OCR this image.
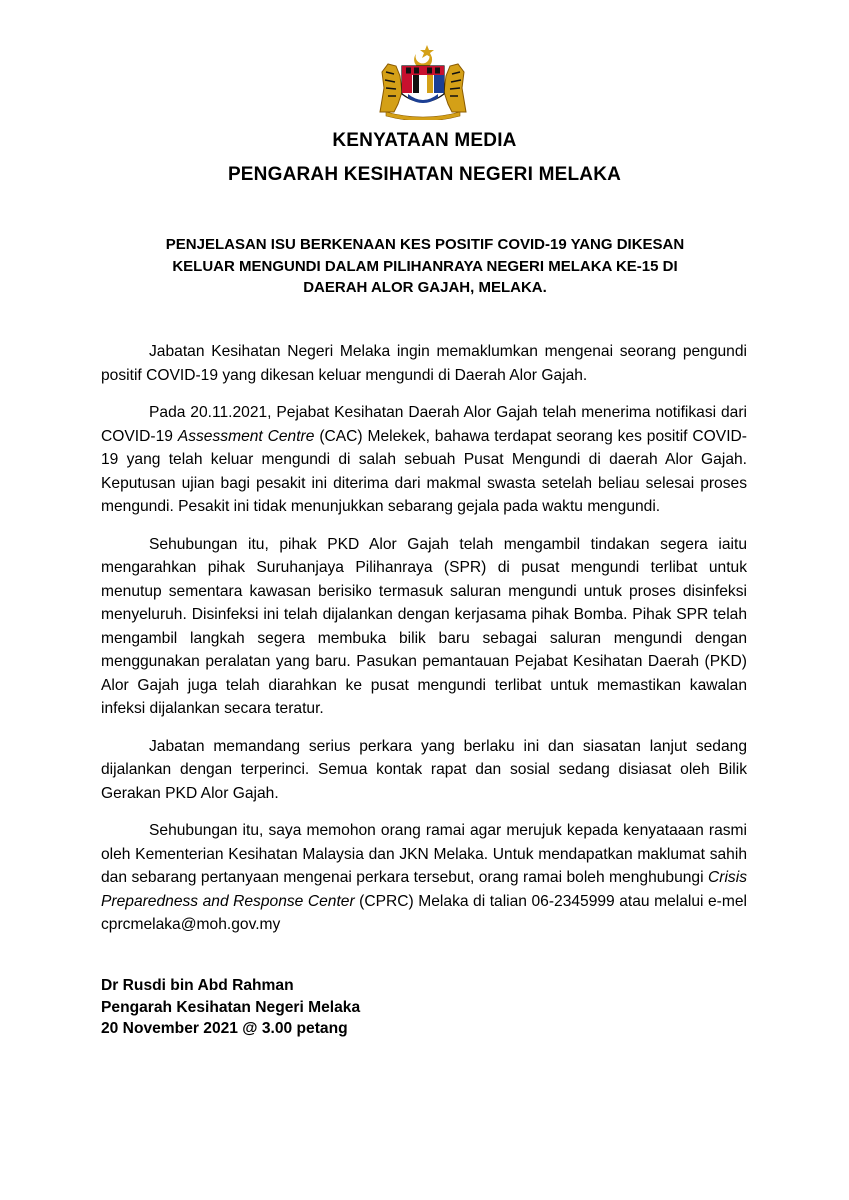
KENYATAAN MEDIA
PENGARAH KESIHATAN NEGERI MELAKA
PENJELASAN ISU BERKENAAN KES POSITIF COVID-19 YANG DIKESAN
KELUAR MENGUNDI DALAM PILIHANRAYA NEGERI MELAKA KE-15 DI
DAERAH ALOR GAJAH, MELAKA.

Jabatan Kesihatan Negeri Melaka ingin memaklumkan mengenai seorang pengundi positif COVID-19 yang dikesan keluar mengundi di Daerah Alor Gajah.

Pada 20.11.2021, Pejabat Kesihatan Daerah Alor Gajah telah menerima notifikasi dari COVID-19 Assessment Centre (CAC) Melekek, bahawa terdapat seorang kes positif COVID-19 yang telah keluar mengundi di salah sebuah Pusat Mengundi di daerah Alor Gajah. Keputusan ujian bagi pesakit ini diterima dari makmal swasta setelah beliau selesai proses mengundi. Pesakit ini tidak menunjukkan sebarang gejala pada waktu mengundi.

Sehubungan itu, pihak PKD Alor Gajah telah mengambil tindakan segera iaitu mengarahkan pihak Suruhanjaya Pilihanraya (SPR) di pusat mengundi terlibat untuk menutup sementara kawasan berisiko termasuk saluran mengundi untuk proses disinfeksi menyeluruh. Disinfeksi ini telah dijalankan dengan kerjasama pihak Bomba. Pihak SPR telah mengambil langkah segera membuka bilik baru sebagai saluran mengundi dengan menggunakan peralatan yang baru. Pasukan pemantauan Pejabat Kesihatan Daerah (PKD) Alor Gajah juga telah diarahkan ke pusat mengundi terlibat untuk memastikan kawalan infeksi dijalankan secara teratur.

Jabatan memandang serius perkara yang berlaku ini dan siasatan lanjut sedang dijalankan dengan terperinci. Semua kontak rapat dan sosial sedang disiasat oleh Bilik Gerakan PKD Alor Gajah.

Sehubungan itu, saya memohon orang ramai agar merujuk kepada kenyataaan rasmi oleh Kementerian Kesihatan Malaysia dan JKN Melaka. Untuk mendapatkan maklumat sahih dan sebarang pertanyaan mengenai perkara tersebut, orang ramai boleh menghubungi Crisis Preparedness and Response Center (CPRC) Melaka di talian 06-2345999 atau melalui e-mel cprcmelaka@moh.gov.my

Dr Rusdi bin Abd Rahman
Pengarah Kesihatan Negeri Melaka
20 November 2021 @ 3.00 petang
